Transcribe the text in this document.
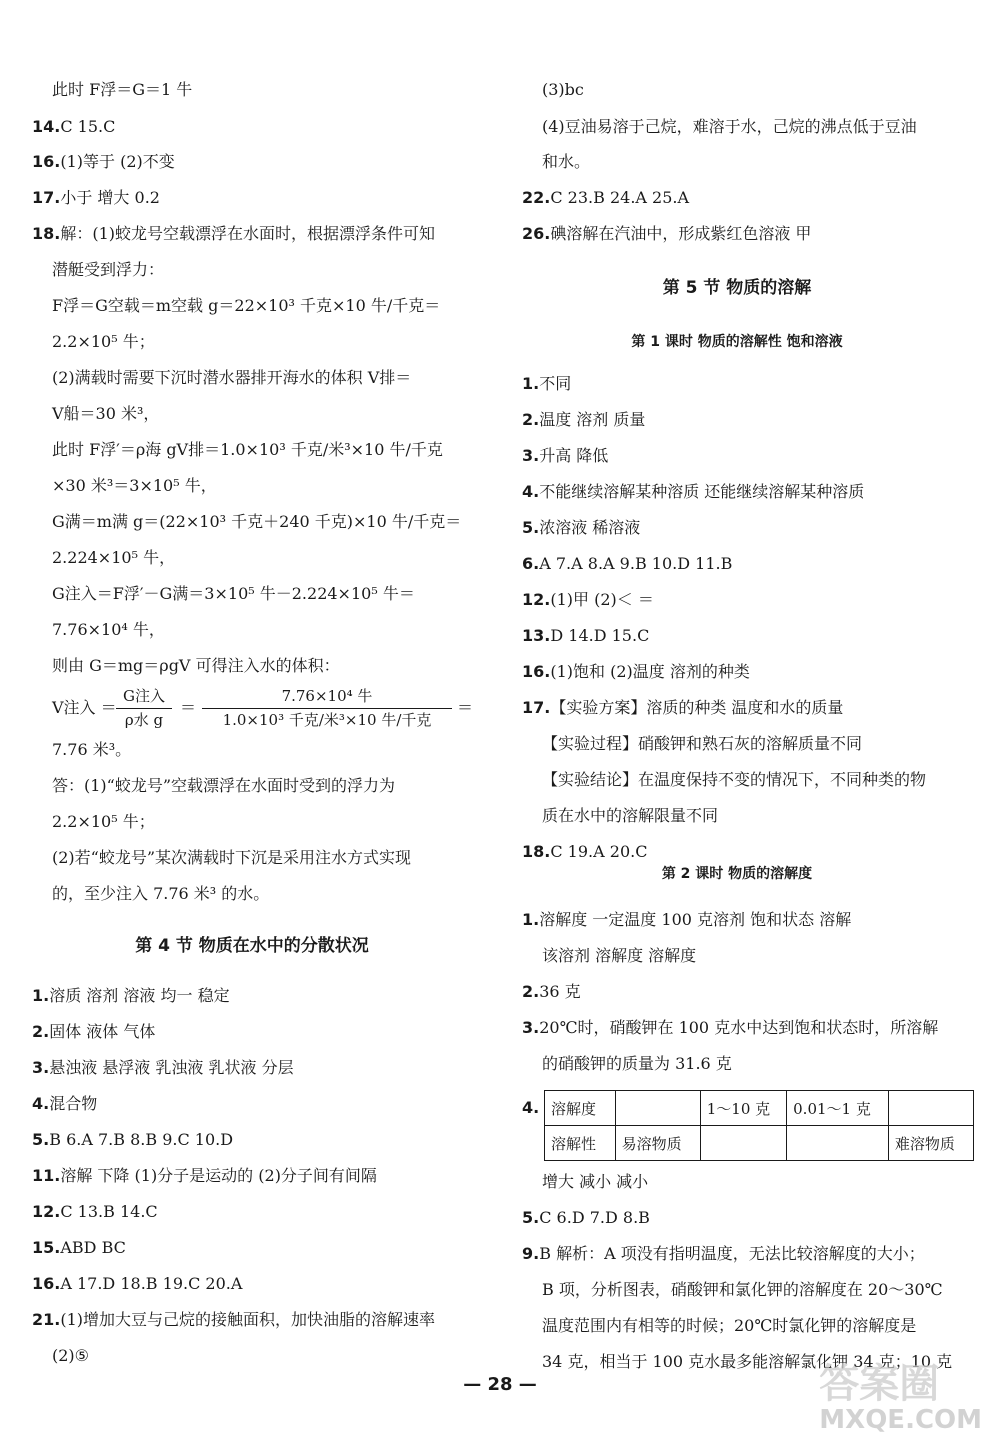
此时 F浮＝G＝1 牛
14.C 15.C
16.(1)等于 (2)不变
17.小于 增大 0.2
18.解：(1)蛟龙号空载漂浮在水面时，根据漂浮条件可知
潜艇受到浮力：
F浮＝G空载＝m空载 g＝22×10³ 千克×10 牛/千克＝
2.2×10⁵ 牛；
(2)满载时需要下沉时潜水器排开海水的体积 V排＝
V船＝30 米³，
此时 F浮′＝ρ海 gV排＝1.0×10³ 千克/米³×10 牛/千克
×30 米³＝3×10⁵ 牛，
G满＝m满 g＝(22×10³ 千克＋240 千克)×10 牛/千克＝
2.224×10⁵ 牛，
G注入＝F浮′－G满＝3×10⁵ 牛－2.224×10⁵ 牛＝
7.76×10⁴ 牛，
则由 G＝mg＝ρgV 可得注入水的体积：
7.76 米³。
答：(1)“蛟龙号”空载漂浮在水面时受到的浮力为
2.2×10⁵ 牛；
(2)若“蛟龙号”某次满载时下沉是采用注水方式实现
的，至少注入 7.76 米³ 的水。
1.溶质 溶剂 溶液 均一 稳定
2.固体 液体 气体
3.悬浊液 悬浮液 乳浊液 乳状液 分层
4.混合物
5.B 6.A 7.B 8.B 9.C 10.D
11.溶解 下降 (1)分子是运动的 (2)分子间有间隔
12.C 13.B 14.C
15.ABD BC
16.A 17.D 18.B 19.C 20.A
21.(1)增加大豆与己烷的接触面积，加快油脂的溶解速率
(2)⑤
第 4 节 物质在水中的分散状况
V注入 ＝
G注入
ρ水 g
＝
7.76×10⁴ 牛
1.0×10³ 千克/米³×10 牛/千克
＝
(3)bc
(4)豆油易溶于己烷，难溶于水，己烷的沸点低于豆油
和水。
22.C 23.B 24.A 25.A
26.碘溶解在汽油中，形成紫红色溶液 甲
1.不同
2.温度 溶剂 质量
3.升高 降低
4.不能继续溶解某种溶质 还能继续溶解某种溶质
5.浓溶液 稀溶液
6.A 7.A 8.A 9.B 10.D 11.B
12.(1)甲 (2)＜ ＝
13.D 14.D 15.C
16.(1)饱和 (2)温度 溶剂的种类
17.【实验方案】溶质的种类 温度和水的质量
【实验过程】硝酸钾和熟石灰的溶解质量不同
【实验结论】在温度保持不变的情况下，不同种类的物
质在水中的溶解限量不同
18.C 19.A 20.C
1.溶解度 一定温度 100 克溶剂 饱和状态 溶解
该溶剂 溶解度 溶解度
2.36 克
3.20℃时，硝酸钾在 100 克水中达到饱和状态时，所溶解
的硝酸钾的质量为 31.6 克
4.
增大 减小 减小
5.C 6.D 7.D 8.B
9.B 解析：A 项没有指明温度，无法比较溶解度的大小；
B 项，分析图表，硝酸钾和氯化钾的溶解度在 20～30℃
温度范围内有相等的时候；20℃时氯化钾的溶解度是
34 克，相当于 100 克水最多能溶解氯化钾 34 克；10 克
第 5 节 物质的溶解
第 1 课时 物质的溶解性 饱和溶液
第 2 课时 物质的溶解度
溶解度		1～10 克	0.01～1 克	
溶解性	易溶物质			难溶物质
— 28 —	答案圈
MXQE.COM
